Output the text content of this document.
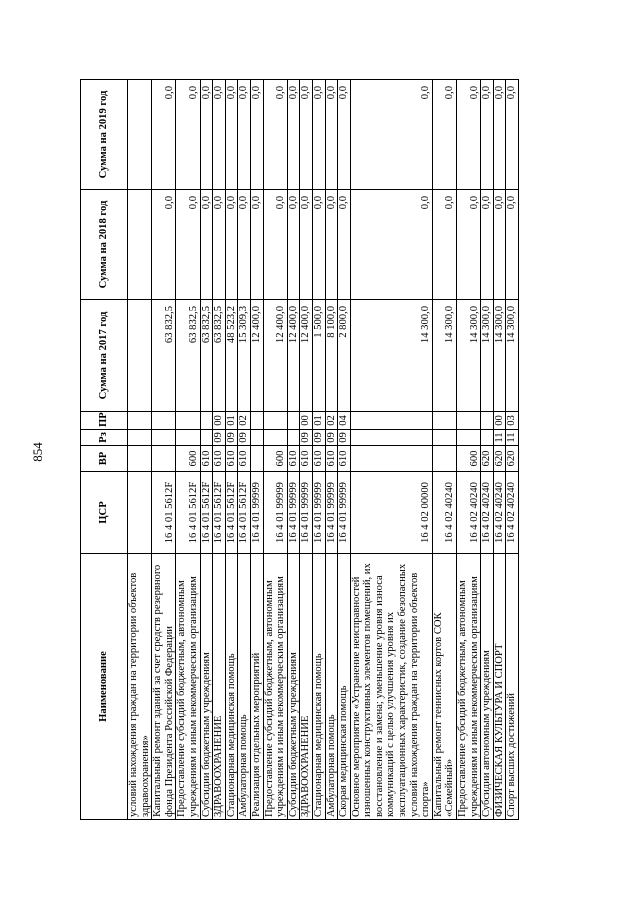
854
Наименование	ЦСР	ВР	Рз	ПР	Сумма на 2017 год	Сумма на 2018 год	Сумма на 2019 год
условий нахождения граждан на территории объектов здравоохранения»							
Капитальный ремонт зданий за счет средств резервного фонда Президента Российской Федерации	16 4 01 5612F				63 832,5	0,0	0,0
Предоставление субсидий бюджетным, автономным учреждениям и иным некоммерческим организациям	16 4 01 5612F	600			63 832,5	0,0	0,0
Субсидии бюджетным учреждениям	16 4 01 5612F	610			63 832,5	0,0	0,0
ЗДРАВООХРАНЕНИЕ	16 4 01 5612F	610	09	00	63 832,5	0,0	0,0
Стационарная медицинская помощь	16 4 01 5612F	610	09	01	48 523,2	0,0	0,0
Амбулаторная помощь	16 4 01 5612F	610	09	02	15 309,3	0,0	0,0
Реализация отдельных мероприятий	16 4 01 99999				12 400,0	0,0	0,0
Предоставление субсидий бюджетным, автономным учреждениям и иным некоммерческим организациям	16 4 01 99999	600			12 400,0	0,0	0,0
Субсидии бюджетным учреждениям	16 4 01 99999	610			12 400,0	0,0	0,0
ЗДРАВООХРАНЕНИЕ	16 4 01 99999	610	09	00	12 400,0	0,0	0,0
Стационарная медицинская помощь	16 4 01 99999	610	09	01	1 500,0	0,0	0,0
Амбулаторная помощь	16 4 01 99999	610	09	02	8 100,0	0,0	0,0
Скорая медицинская помощь	16 4 01 99999	610	09	04	2 800,0	0,0	0,0
Основное мероприятие «Устранение неисправностей изношенных конструктивных элементов помещений, их восстановление и замена; уменьшение уровня износа коммуникаций с целью улучшения уровня их эксплуатационных характеристик, создание безопасных условий нахождения граждан на территории объектов спорта»	16 4 02 00000				14 300,0	0,0	0,0
Капитальный ремонт теннисных кортов СОК «Семейный»	16 4 02 40240				14 300,0	0,0	0,0
Предоставление субсидий бюджетным, автономным учреждениям и иным некоммерческим организациям	16 4 02 40240	600			14 300,0	0,0	0,0
Субсидии автономным учреждениям	16 4 02 40240	620			14 300,0	0,0	0,0
ФИЗИЧЕСКАЯ КУЛЬТУРА И СПОРТ	16 4 02 40240	620	11	00	14 300,0	0,0	0,0
Спорт высших достижений	16 4 02 40240	620	11	03	14 300,0	0,0	0,0
